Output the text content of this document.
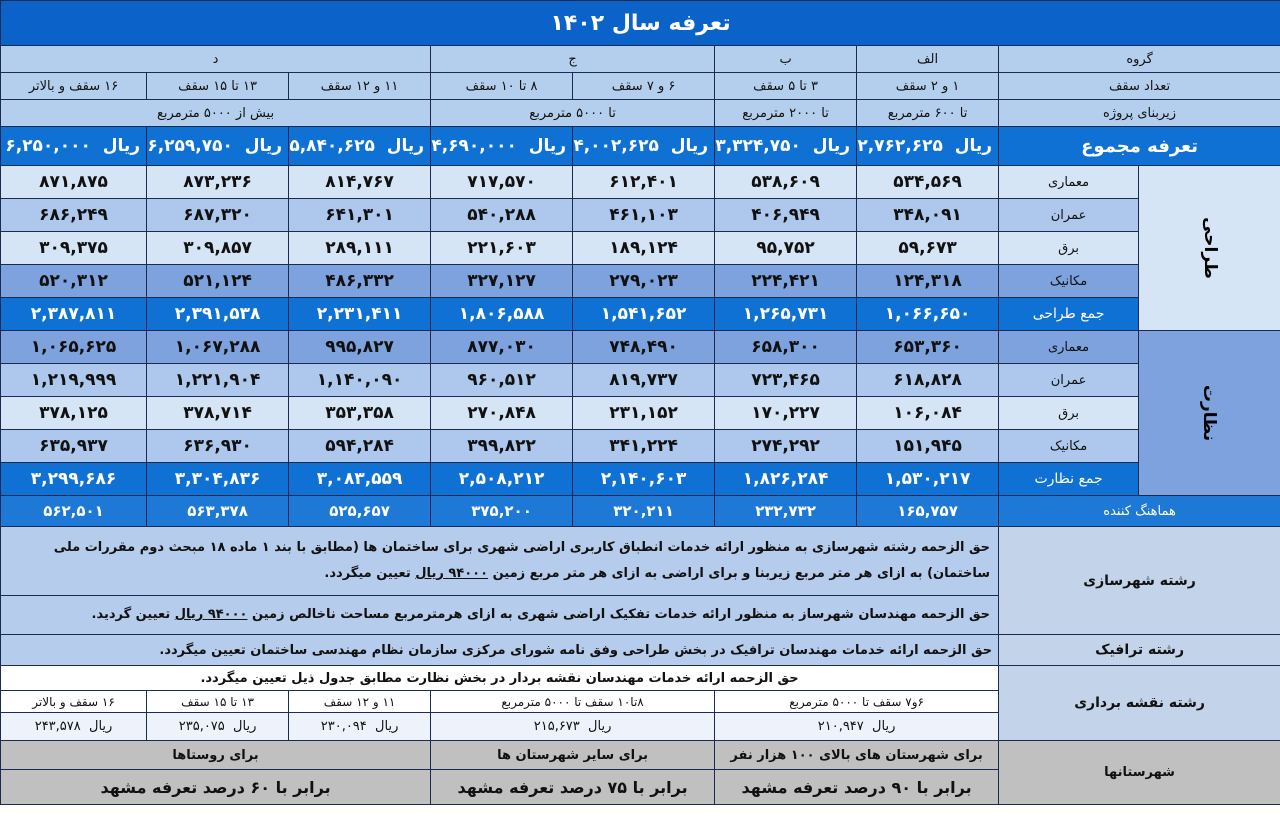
تعرفه سال ۱۴۰۲								
گروه		الف	ب	ج		د		
تعداد سقف		۱ و ۲ سقف	۳ تا ۵ سقف	۶ و ۷ سقف	۸ تا ۱۰ سقف	۱۱ و ۱۲ سقف	۱۳ تا ۱۵ سقف	۱۶ سقف و بالاتر
زیربنای پروژه		تا ۶۰۰ مترمربع	تا ۲۰۰۰ مترمربع	تا ۵۰۰۰ مترمربع		بیش از ۵۰۰۰ مترمربع		
تعرفه مجموع		ریال  ۲,۷۶۲,۶۲۵	ریال  ۳,۳۲۴,۷۵۰	ریال  ۴,۰۰۲,۶۲۵	ریال  ۴,۶۹۰,۰۰۰	ریال  ۵,۸۴۰,۶۲۵	ریال  ۶,۲۵۹,۷۵۰	ریال  ۶,۲۵۰,۰۰۰
طراحی	معماری	۵۳۴,۵۶۹	۵۳۸,۶۰۹	۶۱۲,۴۰۱	۷۱۷,۵۷۰	۸۱۴,۷۶۷	۸۷۳,۲۳۶	۸۷۱,۸۷۵
	عمران	۳۴۸,۰۹۱	۴۰۶,۹۴۹	۴۶۱,۱۰۳	۵۴۰,۲۸۸	۶۴۱,۳۰۱	۶۸۷,۳۲۰	۶۸۶,۲۴۹
	برق	۵۹,۶۷۳	۹۵,۷۵۲	۱۸۹,۱۲۴	۲۲۱,۶۰۳	۲۸۹,۱۱۱	۳۰۹,۸۵۷	۳۰۹,۳۷۵
	مکانیک	۱۲۴,۳۱۸	۲۲۴,۴۲۱	۲۷۹,۰۲۳	۳۲۷,۱۲۷	۴۸۶,۳۳۲	۵۲۱,۱۲۴	۵۲۰,۳۱۲
	جمع طراحی	۱,۰۶۶,۶۵۰	۱,۲۶۵,۷۳۱	۱,۵۴۱,۶۵۲	۱,۸۰۶,۵۸۸	۲,۲۳۱,۴۱۱	۲,۳۹۱,۵۳۸	۲,۳۸۷,۸۱۱
نظارت	معماری	۶۵۳,۳۶۰	۶۵۸,۳۰۰	۷۴۸,۴۹۰	۸۷۷,۰۳۰	۹۹۵,۸۲۷	۱,۰۶۷,۲۸۸	۱,۰۶۵,۶۲۵
	عمران	۶۱۸,۸۲۸	۷۲۳,۴۶۵	۸۱۹,۷۳۷	۹۶۰,۵۱۲	۱,۱۴۰,۰۹۰	۱,۲۲۱,۹۰۴	۱,۲۱۹,۹۹۹
	برق	۱۰۶,۰۸۴	۱۷۰,۲۲۷	۲۳۱,۱۵۲	۲۷۰,۸۴۸	۳۵۳,۳۵۸	۳۷۸,۷۱۴	۳۷۸,۱۲۵
	مکانیک	۱۵۱,۹۴۵	۲۷۴,۲۹۲	۳۴۱,۲۲۴	۳۹۹,۸۲۲	۵۹۴,۲۸۴	۶۳۶,۹۳۰	۶۳۵,۹۳۷
	جمع نظارت	۱,۵۳۰,۲۱۷	۱,۸۲۶,۲۸۴	۲,۱۴۰,۶۰۳	۲,۵۰۸,۲۱۲	۳,۰۸۳,۵۵۹	۳,۳۰۴,۸۳۶	۳,۲۹۹,۶۸۶
هماهنگ کننده		۱۶۵,۷۵۷	۲۳۲,۷۳۲	۳۲۰,۲۱۱	۳۷۵,۲۰۰	۵۲۵,۶۵۷	۵۶۳,۳۷۸	۵۶۲,۵۰۱
رشته شهرسازی		حق الزحمه رشته شهرسازی به منظور ارائه خدمات انطباق کاربری اراضی شهری برای ساختمان ها (مطابق با بند ۱ ماده ۱۸ مبحث دوم مقررات ملی ساختمان) به ازای هر متر مربع زیربنا و برای اراضی به ازای هر متر مربع زمین ۹۴۰۰۰ ریال تعیین میگردد.						
		حق الزحمه مهندسان شهرساز به منظور ارائه خدمات تفکیک اراضی شهری به ازای هرمترمربع مساحت ناخالص زمین ۹۴۰۰۰ ریال تعیین گردید.						
رشته ترافیک		حق الزحمه ارائه خدمات مهندسان ترافیک در بخش طراحی وفق نامه شورای مرکزی سازمان نظام مهندسی ساختمان تعیین میگردد.						
رشته نقشه برداری		حق الزحمه ارائه خدمات مهندسان نقشه بردار در بخش نظارت مطابق جدول ذیل تعیین میگردد.						
		۶و۷ سقف تا ۵۰۰۰ مترمربع		۸تا۱۰ سقف تا ۵۰۰۰ مترمربع		۱۱ و ۱۲ سقف	۱۳ تا ۱۵ سقف	۱۶ سقف و بالاتر
		ریال  ۲۱۰,۹۴۷		ریال  ۲۱۵,۶۷۳		ریال  ۲۳۰,۰۹۴	ریال  ۲۳۵,۰۷۵	ریال  ۲۴۳,۵۷۸
شهرستانها		برای شهرستان های بالای ۱۰۰ هزار نفر		برای سایر شهرستان ها		برای روستاها		
		برابر با ۹۰ درصد تعرفه مشهد		برابر با ۷۵ درصد تعرفه مشهد		برابر با ۶۰ درصد تعرفه مشهد		
